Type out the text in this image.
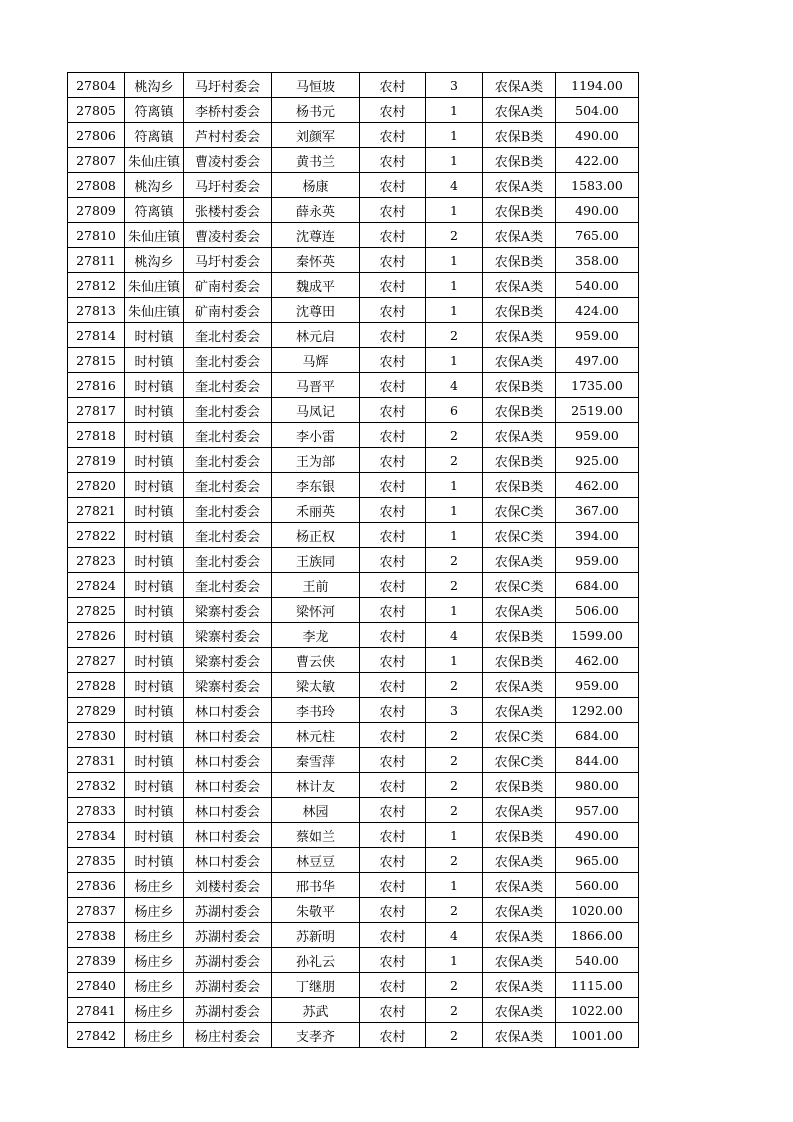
27804	桃沟乡	马圩村委会	马恒坡	农村	3	农保A类	1194.00
27805	符离镇	李桥村委会	杨书元	农村	1	农保A类	504.00
27806	符离镇	芦村村委会	刘颜军	农村	1	农保B类	490.00
27807	朱仙庄镇	曹凌村委会	黄书兰	农村	1	农保B类	422.00
27808	桃沟乡	马圩村委会	杨康	农村	4	农保A类	1583.00
27809	符离镇	张楼村委会	薛永英	农村	1	农保B类	490.00
27810	朱仙庄镇	曹凌村委会	沈尊连	农村	2	农保A类	765.00
27811	桃沟乡	马圩村委会	秦怀英	农村	1	农保B类	358.00
27812	朱仙庄镇	矿南村委会	魏成平	农村	1	农保A类	540.00
27813	朱仙庄镇	矿南村委会	沈尊田	农村	1	农保B类	424.00
27814	时村镇	奎北村委会	林元启	农村	2	农保A类	959.00
27815	时村镇	奎北村委会	马辉	农村	1	农保A类	497.00
27816	时村镇	奎北村委会	马晋平	农村	4	农保B类	1735.00
27817	时村镇	奎北村委会	马凤记	农村	6	农保B类	2519.00
27818	时村镇	奎北村委会	李小雷	农村	2	农保A类	959.00
27819	时村镇	奎北村委会	王为部	农村	2	农保B类	925.00
27820	时村镇	奎北村委会	李东银	农村	1	农保B类	462.00
27821	时村镇	奎北村委会	禾丽英	农村	1	农保C类	367.00
27822	时村镇	奎北村委会	杨正权	农村	1	农保C类	394.00
27823	时村镇	奎北村委会	王族同	农村	2	农保A类	959.00
27824	时村镇	奎北村委会	王前	农村	2	农保C类	684.00
27825	时村镇	梁寨村委会	梁怀河	农村	1	农保A类	506.00
27826	时村镇	梁寨村委会	李龙	农村	4	农保B类	1599.00
27827	时村镇	梁寨村委会	曹云侠	农村	1	农保B类	462.00
27828	时村镇	梁寨村委会	梁太敏	农村	2	农保A类	959.00
27829	时村镇	林口村委会	李书玲	农村	3	农保A类	1292.00
27830	时村镇	林口村委会	林元柱	农村	2	农保C类	684.00
27831	时村镇	林口村委会	秦雪萍	农村	2	农保C类	844.00
27832	时村镇	林口村委会	林计友	农村	2	农保B类	980.00
27833	时村镇	林口村委会	林园	农村	2	农保A类	957.00
27834	时村镇	林口村委会	蔡如兰	农村	1	农保B类	490.00
27835	时村镇	林口村委会	林豆豆	农村	2	农保A类	965.00
27836	杨庄乡	刘楼村委会	邢书华	农村	1	农保A类	560.00
27837	杨庄乡	苏湖村委会	朱敬平	农村	2	农保A类	1020.00
27838	杨庄乡	苏湖村委会	苏新明	农村	4	农保A类	1866.00
27839	杨庄乡	苏湖村委会	孙礼云	农村	1	农保A类	540.00
27840	杨庄乡	苏湖村委会	丁继朋	农村	2	农保A类	1115.00
27841	杨庄乡	苏湖村委会	苏武	农村	2	农保A类	1022.00
27842	杨庄乡	杨庄村委会	支孝齐	农村	2	农保A类	1001.00
